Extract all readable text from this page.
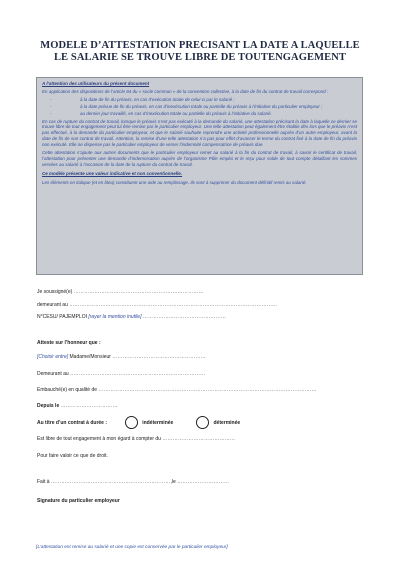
MODELE D’ATTESTATION PRECISANT LA DATE A LAQUELLE
LE SALARIE SE TROUVE LIBRE DE TOUTENGAGEMENT
A l’attention des utilisateurs du présent document

En application des dispositions de l’article 84 du « socle commun » de la convention collective, à la date de fin du contrat de travail correspond :

-	à la date de fin du préavis, en cas d’exécution totale de celui-ci par le salarié ;
-	à la date prévue de fin du préavis, en cas d’inexécution totale ou partielle du préavis à l’initiative du particulier employeur ;
-	au dernier jour travaillé, en cas d’inexécution totale ou partielle du préavis à l’initiative du salarié.

En cas de rupture du contrat de travail, lorsque le préavis n’est pas exécuté à la demande du salarié, une attestation précisant la date à laquelle ce dernier se trouve libre de tout engagement peut lui être remise par le particulier employeur. Une telle attestation peut également être établie dès lors que le préavis n’est pas effectué, à la demande du particulier employeur, et que le salarié souhaite reprendre une activité professionnelle auprès d’un autre employeur, avant la date de fin de son contrat de travail. Attention, la remise d’une telle attestation n’a pas pour effet d’avancer le terme du contrat fixé à la date de fin du préavis non exécuté. Elle ne dispense pas le particulier employeur de verser l’indemnité compensatrice de préavis due.

Cette attestation s’ajoute aux autres documents que le particulier employeur remet au salarié à la fin du contrat de travail, à savoir le certificat de travail, l’attestation pour présenter une demande d’indemnisation auprès de l’organisme Pôle emploi et le reçu pour solde de tout compte détaillant les sommes versées au salarié à l’occasion de la date de la rupture du contrat de travail.

Ce modèle présente une valeur indicative et non conventionnelle.

Les éléments en italique (et en bleu) constituent une aide au remplissage. Ils sont à supprimer du document définitif remis au salarié.

Je soussigné(e) …………………………………………………………………
demeurant au …………………………………………………………………………………………………………
N°CESU/ PAJEMPLOI [rayer la mention inutile] …………………………………………
Atteste sur l’honneur que :
[Choisir entre] Madame/Monsieur ………………………………………………
Demeurant au ……………………………………………………………………
Embauché(e) en qualité de ………………………………………………………………………………………………………………
Depuis le ……………………………
Au titre d’un contrat à durée :	indéterminée	déterminée
Est libre de tout engagement à mon égard à compter du ……………………………………
Pour faire valoir ce que de droit.
Fait à ……………………………………………………………,le …………………………
Signature du particulier employeur
[L’attestation est remise au salarié et une copie est conservée par le particulier employeur]
